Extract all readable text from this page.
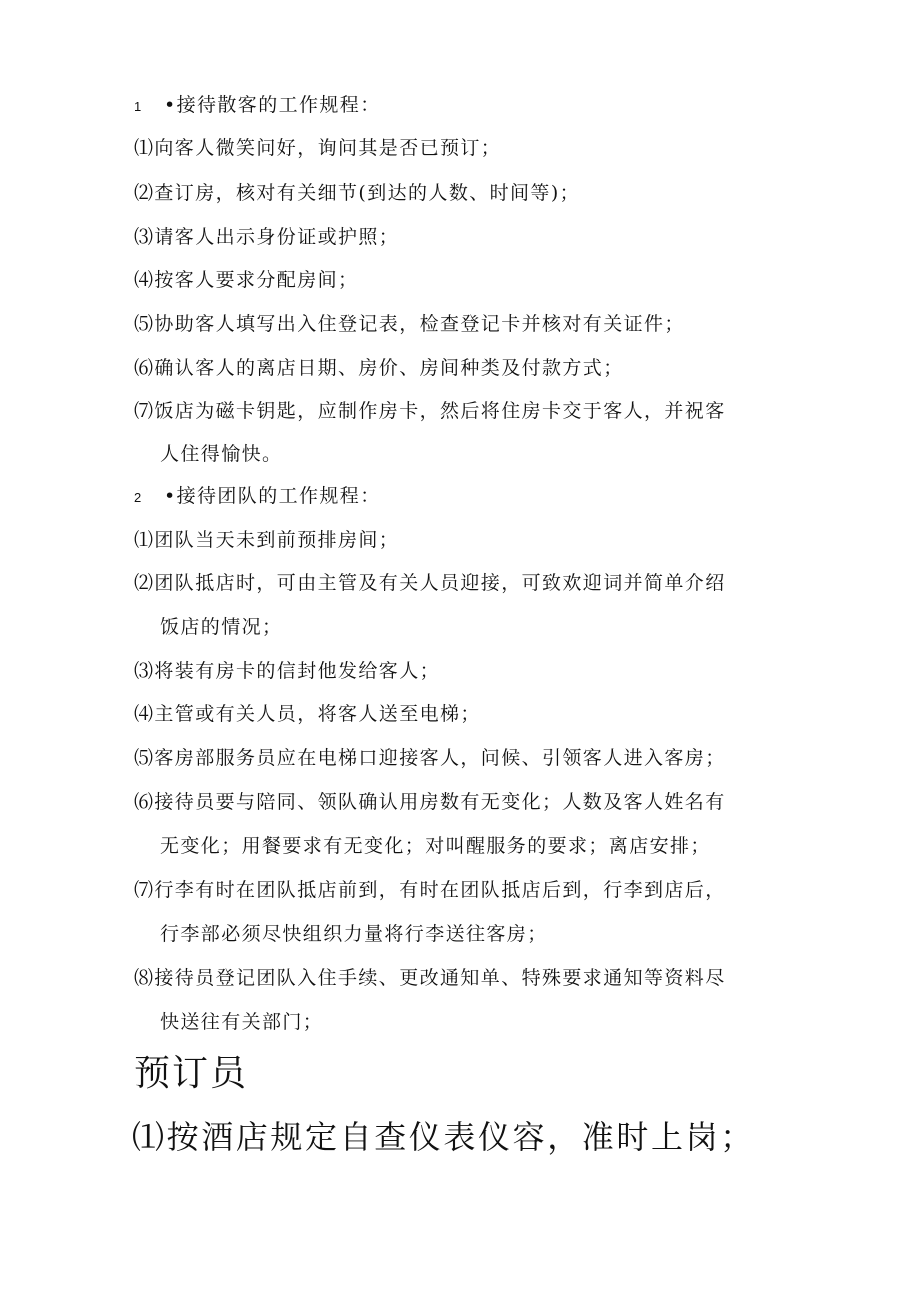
1 •接待散客的工作规程：
⑴向客人微笑问好，询问其是否已预订；
⑵查订房，核对有关细节(到达的人数、时间等)；
⑶请客人出示身份证或护照；
⑷按客人要求分配房间；
⑸协助客人填写出入住登记表，检查登记卡并核对有关证件；
⑹确认客人的离店日期、房价、房间种类及付款方式；
⑺饭店为磁卡钥匙，应制作房卡，然后将住房卡交于客人，并祝客
人住得愉快。
2 •接待团队的工作规程：
⑴团队当天未到前预排房间；
⑵团队抵店时，可由主管及有关人员迎接，可致欢迎词并简单介绍
饭店的情况；
⑶将装有房卡的信封他发给客人；
⑷主管或有关人员，将客人送至电梯；
⑸客房部服务员应在电梯口迎接客人，问候、引领客人进入客房；
⑹接待员要与陪同、领队确认用房数有无变化；人数及客人姓名有
无变化；用餐要求有无变化；对叫醒服务的要求；离店安排；
⑺行李有时在团队抵店前到，有时在团队抵店后到，行李到店后，
行李部必须尽快组织力量将行李送往客房；
⑻接待员登记团队入住手续、更改通知单、特殊要求通知等资料尽
快送往有关部门；
预订员
⑴按酒店规定自查仪表仪容，准时上岗；
